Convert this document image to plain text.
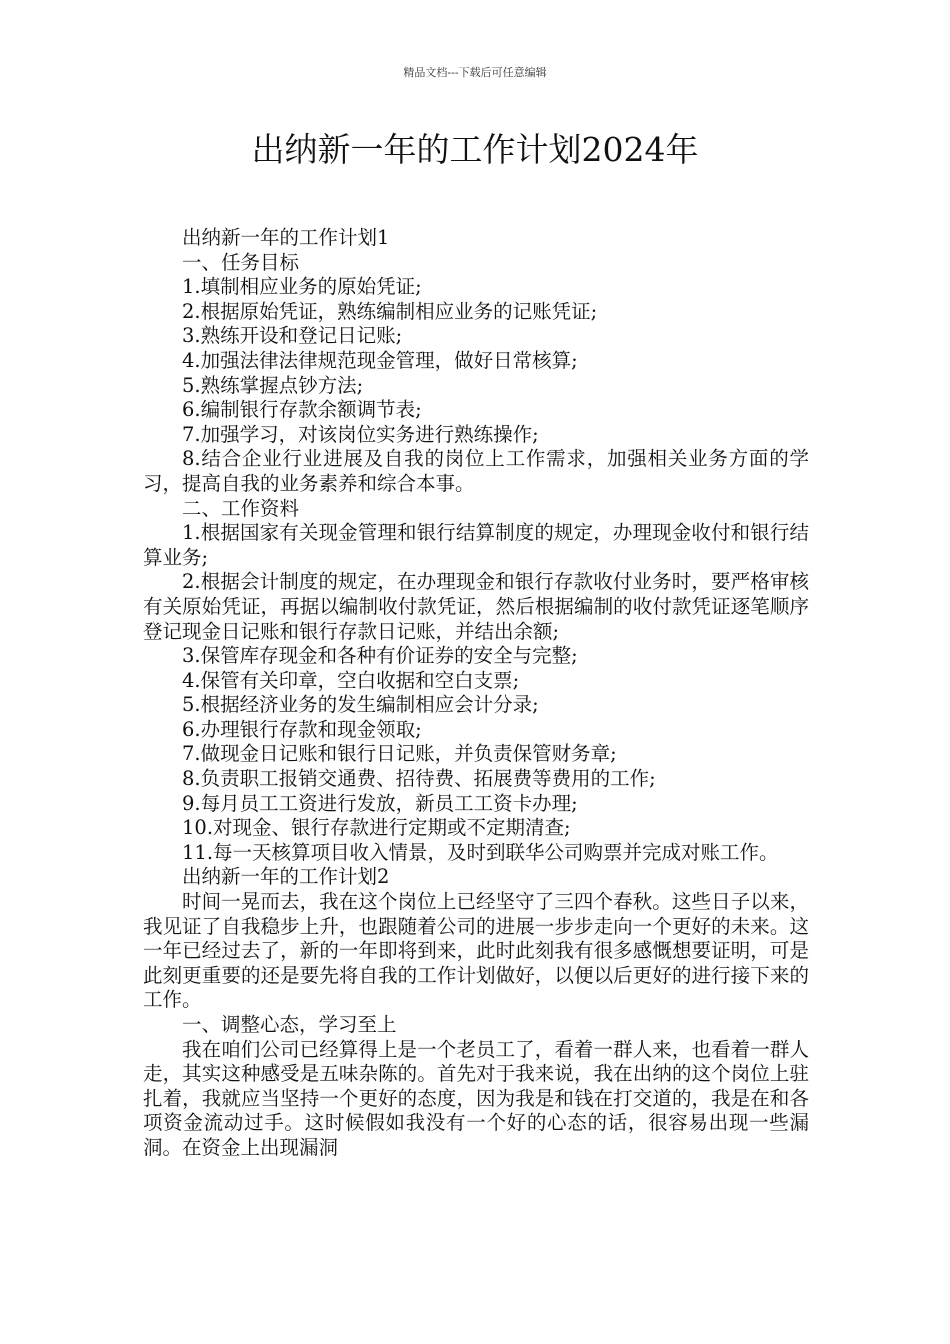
精品文档---下载后可任意编辑
出纳新一年的工作计划2024年

出纳新一年的工作计划1

一、任务目标

1.填制相应业务的原始凭证;

2.根据原始凭证，熟练编制相应业务的记账凭证;

3.熟练开设和登记日记账;

4.加强法律法律规范现金管理，做好日常核算;

5.熟练掌握点钞方法;

6.编制银行存款余额调节表;

7.加强学习，对该岗位实务进行熟练操作;

8.结合企业行业进展及自我的岗位上工作需求，加强相关业务方面的学习，提高自我的业务素养和综合本事。

二、工作资料

1.根据国家有关现金管理和银行结算制度的规定，办理现金收付和银行结算业务;

2.根据会计制度的规定，在办理现金和银行存款收付业务时，要严格审核有关原始凭证，再据以编制收付款凭证，然后根据编制的收付款凭证逐笔顺序登记现金日记账和银行存款日记账，并结出余额;

3.保管库存现金和各种有价证券的安全与完整;

4.保管有关印章，空白收据和空白支票;

5.根据经济业务的发生编制相应会计分录;

6.办理银行存款和现金领取;

7.做现金日记账和银行日记账，并负责保管财务章;

8.负责职工报销交通费、招待费、拓展费等费用的工作;

9.每月员工工资进行发放，新员工工资卡办理;

10.对现金、银行存款进行定期或不定期清查;

11.每一天核算项目收入情景，及时到联华公司购票并完成对账工作。

出纳新一年的工作计划2

时间一晃而去，我在这个岗位上已经坚守了三四个春秋。这些日子以来，我见证了自我稳步上升，也跟随着公司的进展一步步走向一个更好的未来。这一年已经过去了，新的一年即将到来，此时此刻我有很多感慨想要证明，可是此刻更重要的还是要先将自我的工作计划做好，以便以后更好的进行接下来的工作。

一、调整心态，学习至上

我在咱们公司已经算得上是一个老员工了，看着一群人来，也看着一群人走，其实这种感受是五味杂陈的。首先对于我来说，我在出纳的这个岗位上驻扎着，我就应当坚持一个更好的态度，因为我是和钱在打交道的，我是在和各项资金流动过手。这时候假如我没有一个好的心态的话，很容易出现一些漏洞。在资金上出现漏洞
